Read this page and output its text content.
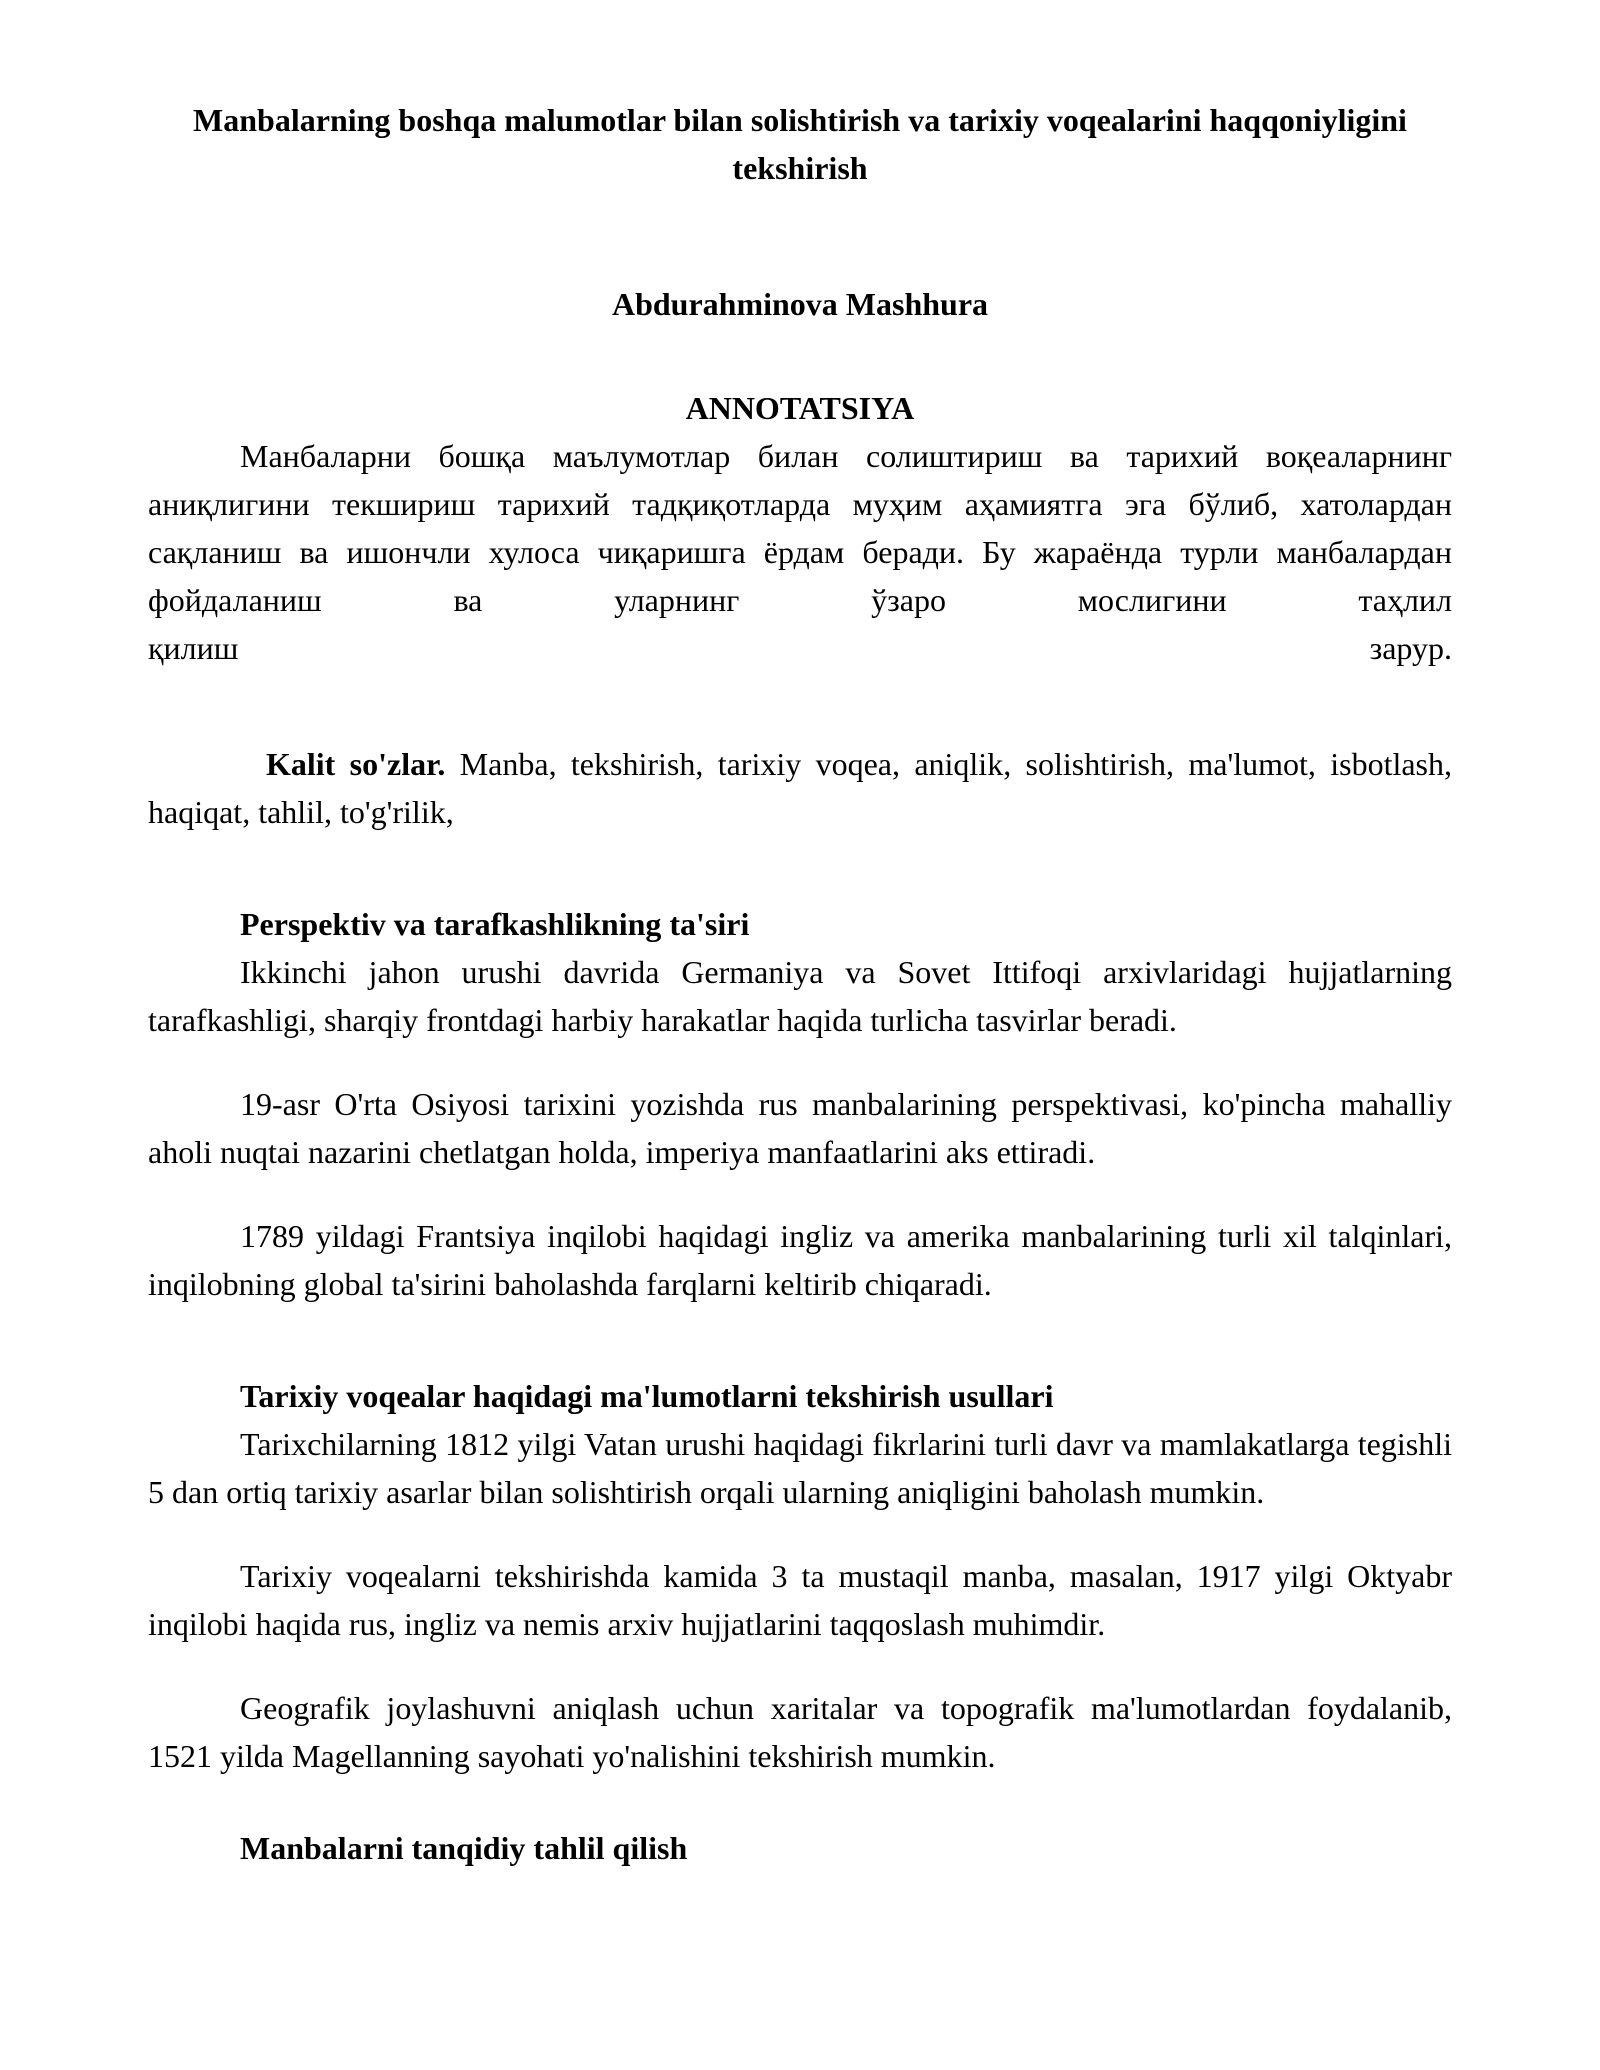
Manbalarning boshqa malumotlar bilan solishtirish va tarixiy voqealarini haqqoniyligini tekshirish

Abdurahminova Mashhura

ANNOTATSIYA

Манбаларни бошқа маълумотлар билан солиштириш ва тарихий воқеаларнинг аниқлигини текшириш тарихий тадқиқотларда муҳим аҳамиятга эга бўлиб, хатолардан сақланиш ва ишончли хулоса чиқаришга ёрдам беради. Бу жараёнда турли манбалардан фойдаланиш ва уларнинг ўзаро мослигини таҳлил

қилиш	зарур.

Kalit so'zlar. Manba, tekshirish, tarixiy voqea, aniqlik, solishtirish, ma'lumot, isbotlash, haqiqat, tahlil, to'g'rilik,

Perspektiv va tarafkashlikning ta'siri

Ikkinchi jahon urushi davrida Germaniya va Sovet Ittifoqi arxivlaridagi hujjatlarning tarafkashligi, sharqiy frontdagi harbiy harakatlar haqida turlicha tasvirlar beradi.

19-asr O'rta Osiyosi tarixini yozishda rus manbalarining perspektivasi, ko'pincha mahalliy aholi nuqtai nazarini chetlatgan holda, imperiya manfaatlarini aks ettiradi.

1789 yildagi Frantsiya inqilobi haqidagi ingliz va amerika manbalarining turli xil talqinlari, inqilobning global ta'sirini baholashda farqlarni keltirib chiqaradi.

Tarixiy voqealar haqidagi ma'lumotlarni tekshirish usullari

Tarixchilarning 1812 yilgi Vatan urushi haqidagi fikrlarini turli davr va mamlakatlarga tegishli 5 dan ortiq tarixiy asarlar bilan solishtirish orqali ularning aniqligini baholash mumkin.

Tarixiy voqealarni tekshirishda kamida 3 ta mustaqil manba, masalan, 1917 yilgi Oktyabr inqilobi haqida rus, ingliz va nemis arxiv hujjatlarini taqqoslash muhimdir.

Geografik joylashuvni aniqlash uchun xaritalar va topografik ma'lumotlardan foydalanib, 1521 yilda Magellanning sayohati yo'nalishini tekshirish mumkin.

Manbalarni tanqidiy tahlil qilish
